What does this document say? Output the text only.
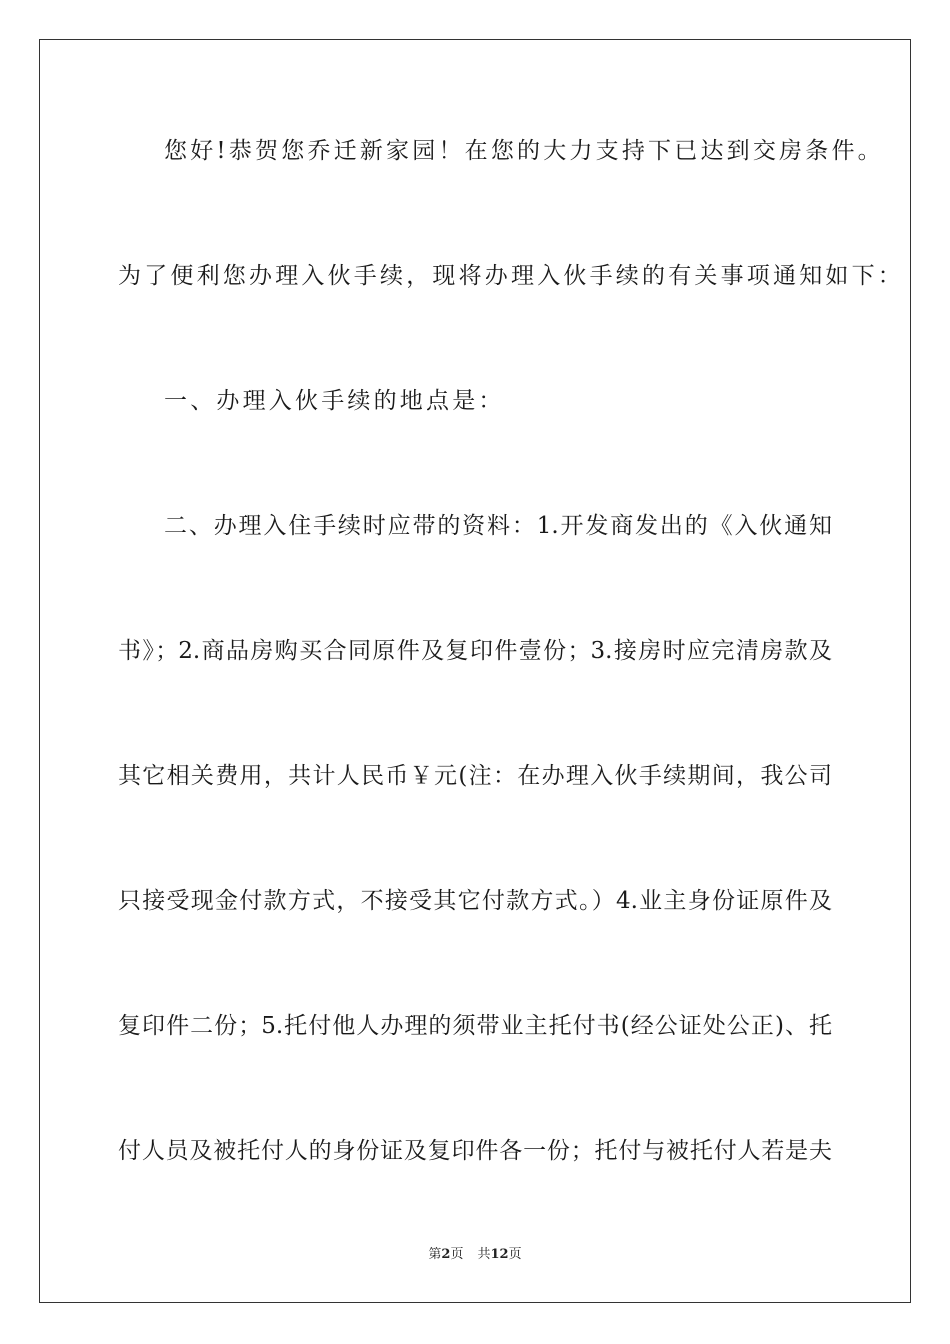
您好!恭贺您乔迁新家园！在您的大力支持下已达到交房条件。
为了便利您办理入伙手续，现将办理入伙手续的有关事项通知如下：
一、办理入伙手续的地点是：
二、办理入住手续时应带的资料：1.开发商发出的《入伙通知
书》；2.商品房购买合同原件及复印件壹份；3.接房时应完清房款及
其它相关费用，共计人民币￥元(注：在办理入伙手续期间，我公司
只接受现金付款方式，不接受其它付款方式。）4.业主身份证原件及
复印件二份；5.托付他人办理的须带业主托付书(经公证处公正)、托
付人员及被托付人的身份证及复印件各一份；托付与被托付人若是夫
第2页 共12页
